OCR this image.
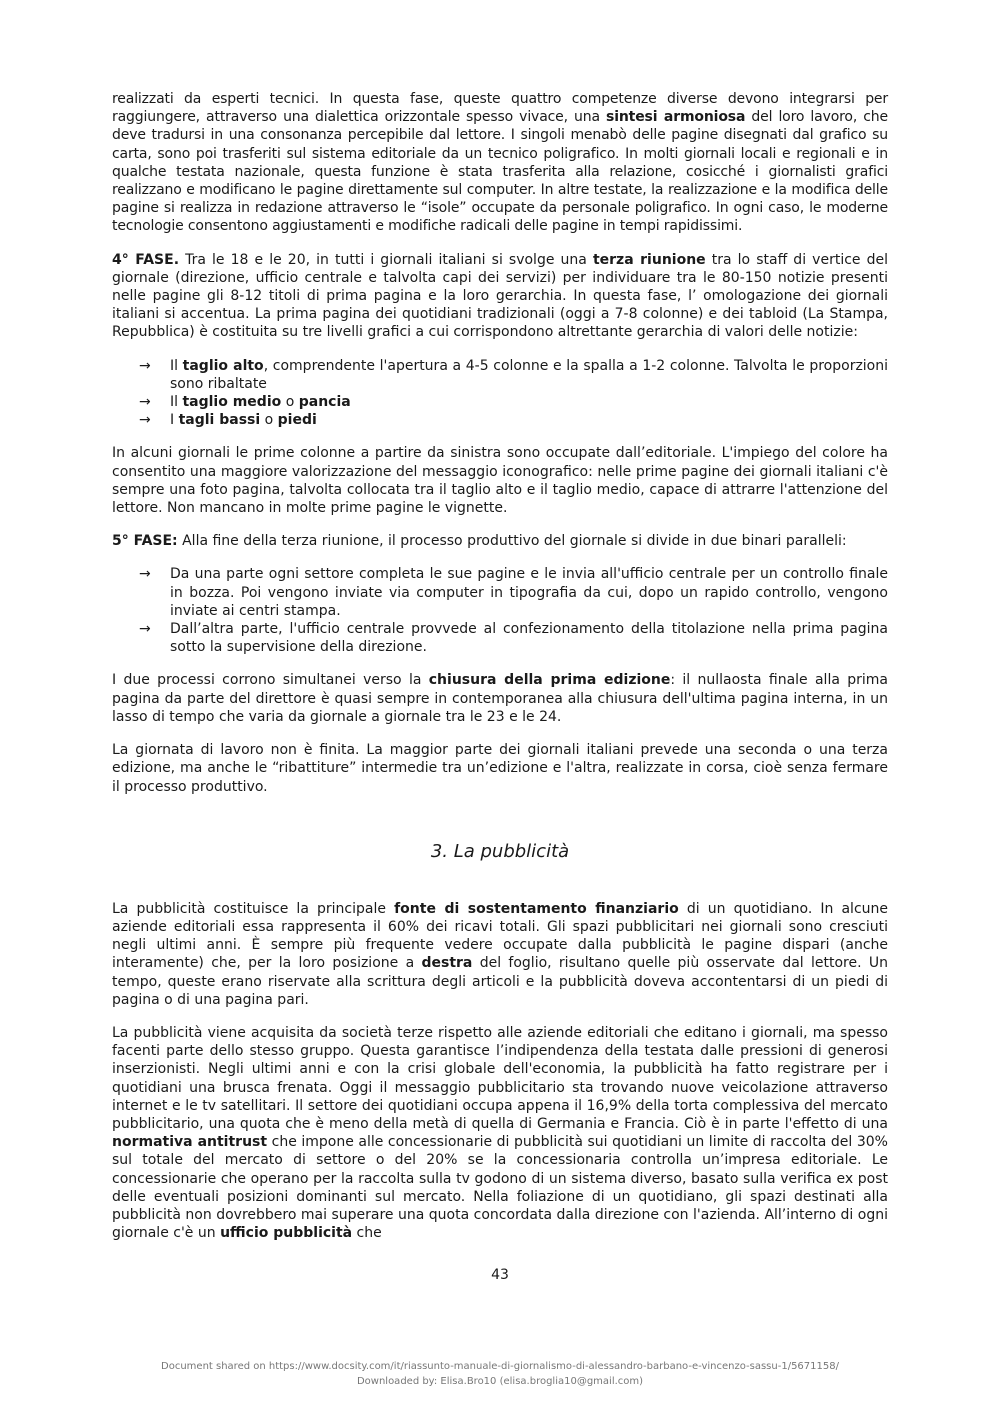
realizzati da esperti tecnici. In questa fase, queste quattro competenze diverse devono integrarsi per raggiungere, attraverso una dialettica orizzontale spesso vivace, una sintesi armoniosa del loro lavoro, che deve tradursi in una consonanza percepibile dal lettore. I singoli menabò delle pagine disegnati dal grafico su carta, sono poi trasferiti sul sistema editoriale da un tecnico poligrafico. In molti giornali locali e regionali e in qualche testata nazionale, questa funzione è stata trasferita alla relazione, cosicché i giornalisti grafici realizzano e modificano le pagine direttamente sul computer. In altre testate, la realizzazione e la modifica delle pagine si realizza in redazione attraverso le “isole” occupate da personale poligrafico. In ogni caso, le moderne tecnologie consentono aggiustamenti e modifiche radicali delle pagine in tempi rapidissimi.

4° FASE. Tra le 18 e le 20, in tutti i giornali italiani si svolge una terza riunione tra lo staff di vertice del giornale (direzione, ufficio centrale e talvolta capi dei servizi) per individuare tra le 80-150 notizie presenti nelle pagine gli 8-12 titoli di prima pagina e la loro gerarchia. In questa fase, l’ omologazione dei giornali italiani si accentua. La prima pagina dei quotidiani tradizionali (oggi a 7-8 colonne) e dei tabloid (La Stampa, Repubblica) è costituita su tre livelli grafici a cui corrispondono altrettante gerarchia di valori delle notizie:

→ Il taglio alto, comprendente l'apertura a 4-5 colonne e la spalla a 1-2 colonne. Talvolta le proporzioni sono ribaltate
→ Il taglio medio o pancia
→ I tagli bassi o piedi

In alcuni giornali le prime colonne a partire da sinistra sono occupate dall’editoriale. L'impiego del colore ha consentito una maggiore valorizzazione del messaggio iconografico: nelle prime pagine dei giornali italiani c'è sempre una foto pagina, talvolta collocata tra il taglio alto e il taglio medio, capace di attrarre l'attenzione del lettore. Non mancano in molte prime pagine le vignette.

5° FASE: Alla fine della terza riunione, il processo produttivo del giornale si divide in due binari paralleli:

→ Da una parte ogni settore completa le sue pagine e le invia all'ufficio centrale per un controllo finale in bozza. Poi vengono inviate via computer in tipografia da cui, dopo un rapido controllo, vengono inviate ai centri stampa.
→ Dall’altra parte, l'ufficio centrale provvede al confezionamento della titolazione nella prima pagina sotto la supervisione della direzione.

I due processi corrono simultanei verso la chiusura della prima edizione: il nullaosta finale alla prima pagina da parte del direttore è quasi sempre in contemporanea alla chiusura dell'ultima pagina interna, in un lasso di tempo che varia da giornale a giornale tra le 23 e le 24.

La giornata di lavoro non è finita. La maggior parte dei giornali italiani prevede una seconda o una terza edizione, ma anche le “ribattiture” intermedie tra un’edizione e l'altra, realizzate in corsa, cioè senza fermare il processo produttivo.

3. La pubblicità

La pubblicità costituisce la principale fonte di sostentamento finanziario di un quotidiano. In alcune aziende editoriali essa rappresenta il 60% dei ricavi totali. Gli spazi pubblicitari nei giornali sono cresciuti negli ultimi anni. È sempre più frequente vedere occupate dalla pubblicità le pagine dispari (anche interamente) che, per la loro posizione a destra del foglio, risultano quelle più osservate dal lettore. Un tempo, queste erano riservate alla scrittura degli articoli e la pubblicità doveva accontentarsi di un piedi di pagina o di una pagina pari.

La pubblicità viene acquisita da società terze rispetto alle aziende editoriali che editano i giornali, ma spesso facenti parte dello stesso gruppo. Questa garantisce l’indipendenza della testata dalle pressioni di generosi inserzionisti. Negli ultimi anni e con la crisi globale dell'economia, la pubblicità ha fatto registrare per i quotidiani una brusca frenata. Oggi il messaggio pubblicitario sta trovando nuove veicolazione attraverso internet e le tv satellitari. Il settore dei quotidiani occupa appena il 16,9% della torta complessiva del mercato pubblicitario, una quota che è meno della metà di quella di Germania e Francia. Ciò è in parte l'effetto di una normativa antitrust che impone alle concessionarie di pubblicità sui quotidiani un limite di raccolta del 30% sul totale del mercato di settore o del 20% se la concessionaria controlla un’impresa editoriale. Le concessionarie che operano per la raccolta sulla tv godono di un sistema diverso, basato sulla verifica ex post delle eventuali posizioni dominanti sul mercato. Nella foliazione di un quotidiano, gli spazi destinati alla pubblicità non dovrebbero mai superare una quota concordata dalla direzione con l'azienda. All’interno di ogni giornale c'è un ufficio pubblicità che

43
Document shared on https://www.docsity.com/it/riassunto-manuale-di-giornalismo-di-alessandro-barbano-e-vincenzo-sassu-1/5671158/
Downloaded by: Elisa.Bro10 (elisa.broglia10@gmail.com)
